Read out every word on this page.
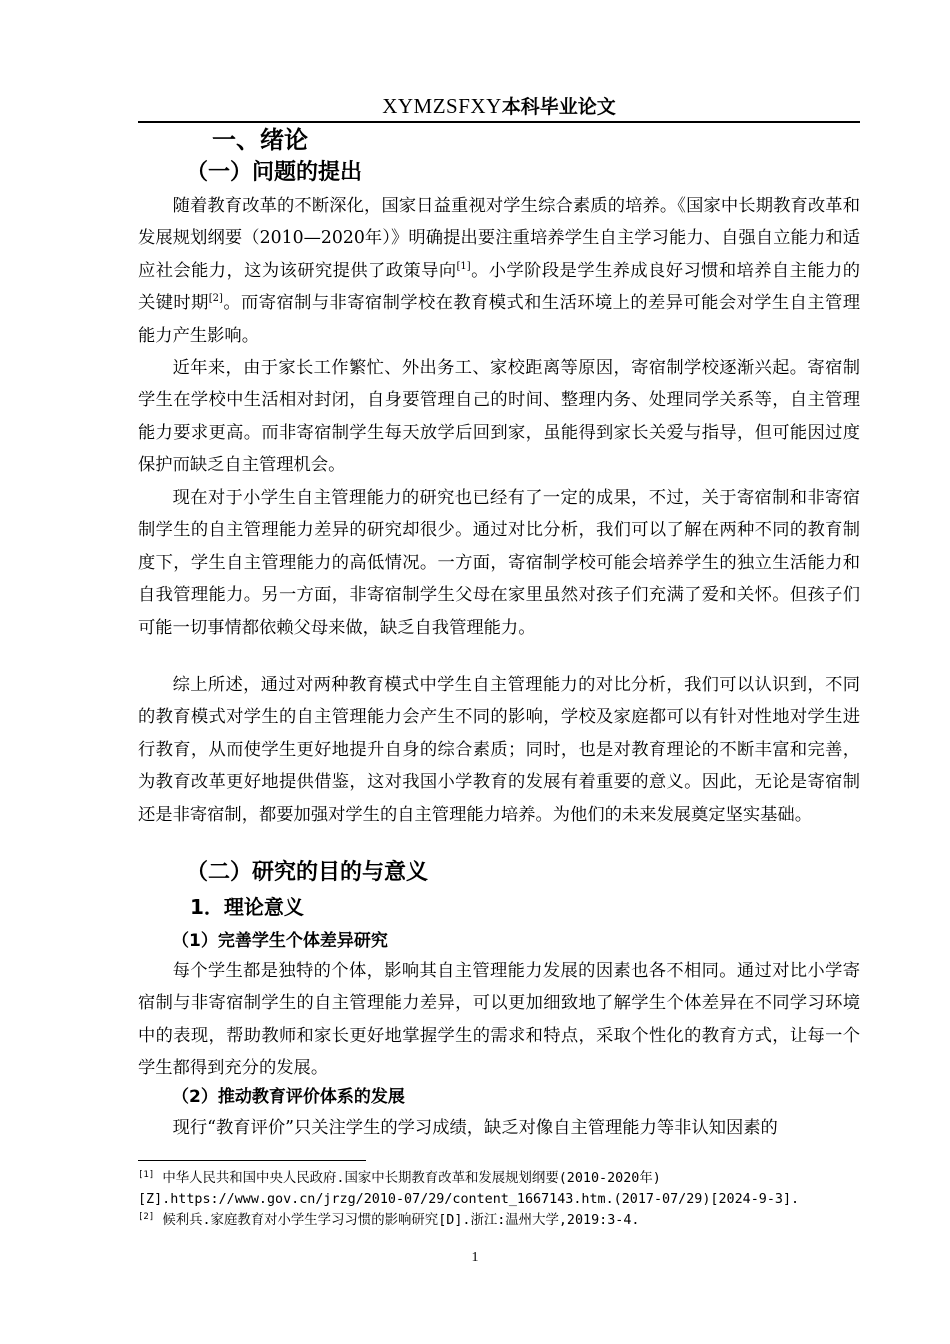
XYMZSFXY本科毕业论文
一、绪论
（一）问题的提出

随着教育改革的不断深化，国家日益重视对学生综合素质的培养。《国家中长期教育改革和发展规划纲要（2010—2020年）》明确提出要注重培养学生自主学习能力、自强自立能力和适应社会能力，这为该研究提供了政策导向[1]。小学阶段是学生养成良好习惯和培养自主能力的关键时期[2]。而寄宿制与非寄宿制学校在教育模式和生活环境上的差异可能会对学生自主管理能力产生影响。

近年来，由于家长工作繁忙、外出务工、家校距离等原因，寄宿制学校逐渐兴起。寄宿制学生在学校中生活相对封闭，自身要管理自己的时间、整理内务、处理同学关系等，自主管理能力要求更高。而非寄宿制学生每天放学后回到家，虽能得到家长关爱与指导，但可能因过度保护而缺乏自主管理机会。

现在对于小学生自主管理能力的研究也已经有了一定的成果，不过，关于寄宿制和非寄宿制学生的自主管理能力差异的研究却很少。通过对比分析，我们可以了解在两种不同的教育制度下，学生自主管理能力的高低情况。一方面，寄宿制学校可能会培养学生的独立生活能力和自我管理能力。另一方面，非寄宿制学生父母在家里虽然对孩子们充满了爱和关怀。但孩子们可能一切事情都依赖父母来做，缺乏自我管理能力。

综上所述，通过对两种教育模式中学生自主管理能力的对比分析，我们可以认识到，不同的教育模式对学生的自主管理能力会产生不同的影响，学校及家庭都可以有针对性地对学生进行教育，从而使学生更好地提升自身的综合素质；同时，也是对教育理论的不断丰富和完善，为教育改革更好地提供借鉴，这对我国小学教育的发展有着重要的意义。因此，无论是寄宿制还是非寄宿制，都要加强对学生的自主管理能力培养。为他们的未来发展奠定坚实基础。

（二）研究的目的与意义
1．理论意义
（1）完善学生个体差异研究

每个学生都是独特的个体，影响其自主管理能力发展的因素也各不相同。通过对比小学寄宿制与非寄宿制学生的自主管理能力差异，可以更加细致地了解学生个体差异在不同学习环境中的表现，帮助教师和家长更好地掌握学生的需求和特点，采取个性化的教育方式，让每一个学生都得到充分的发展。

（2）推动教育评价体系的发展

现行“教育评价”只关注学生的学习成绩，缺乏对像自主管理能力等非认知因素的

[1] 中华人民共和国中央人民政府.国家中长期教育改革和发展规划纲要(2010-2020年)
[Z].https://www.gov.cn/jrzg/2010-07/29/content_1667143.htm.(2017-07/29)[2024-9-3].
[2] 候利兵.家庭教育对小学生学习习惯的影响研究[D].浙江:温州大学,2019:3-4.
1
